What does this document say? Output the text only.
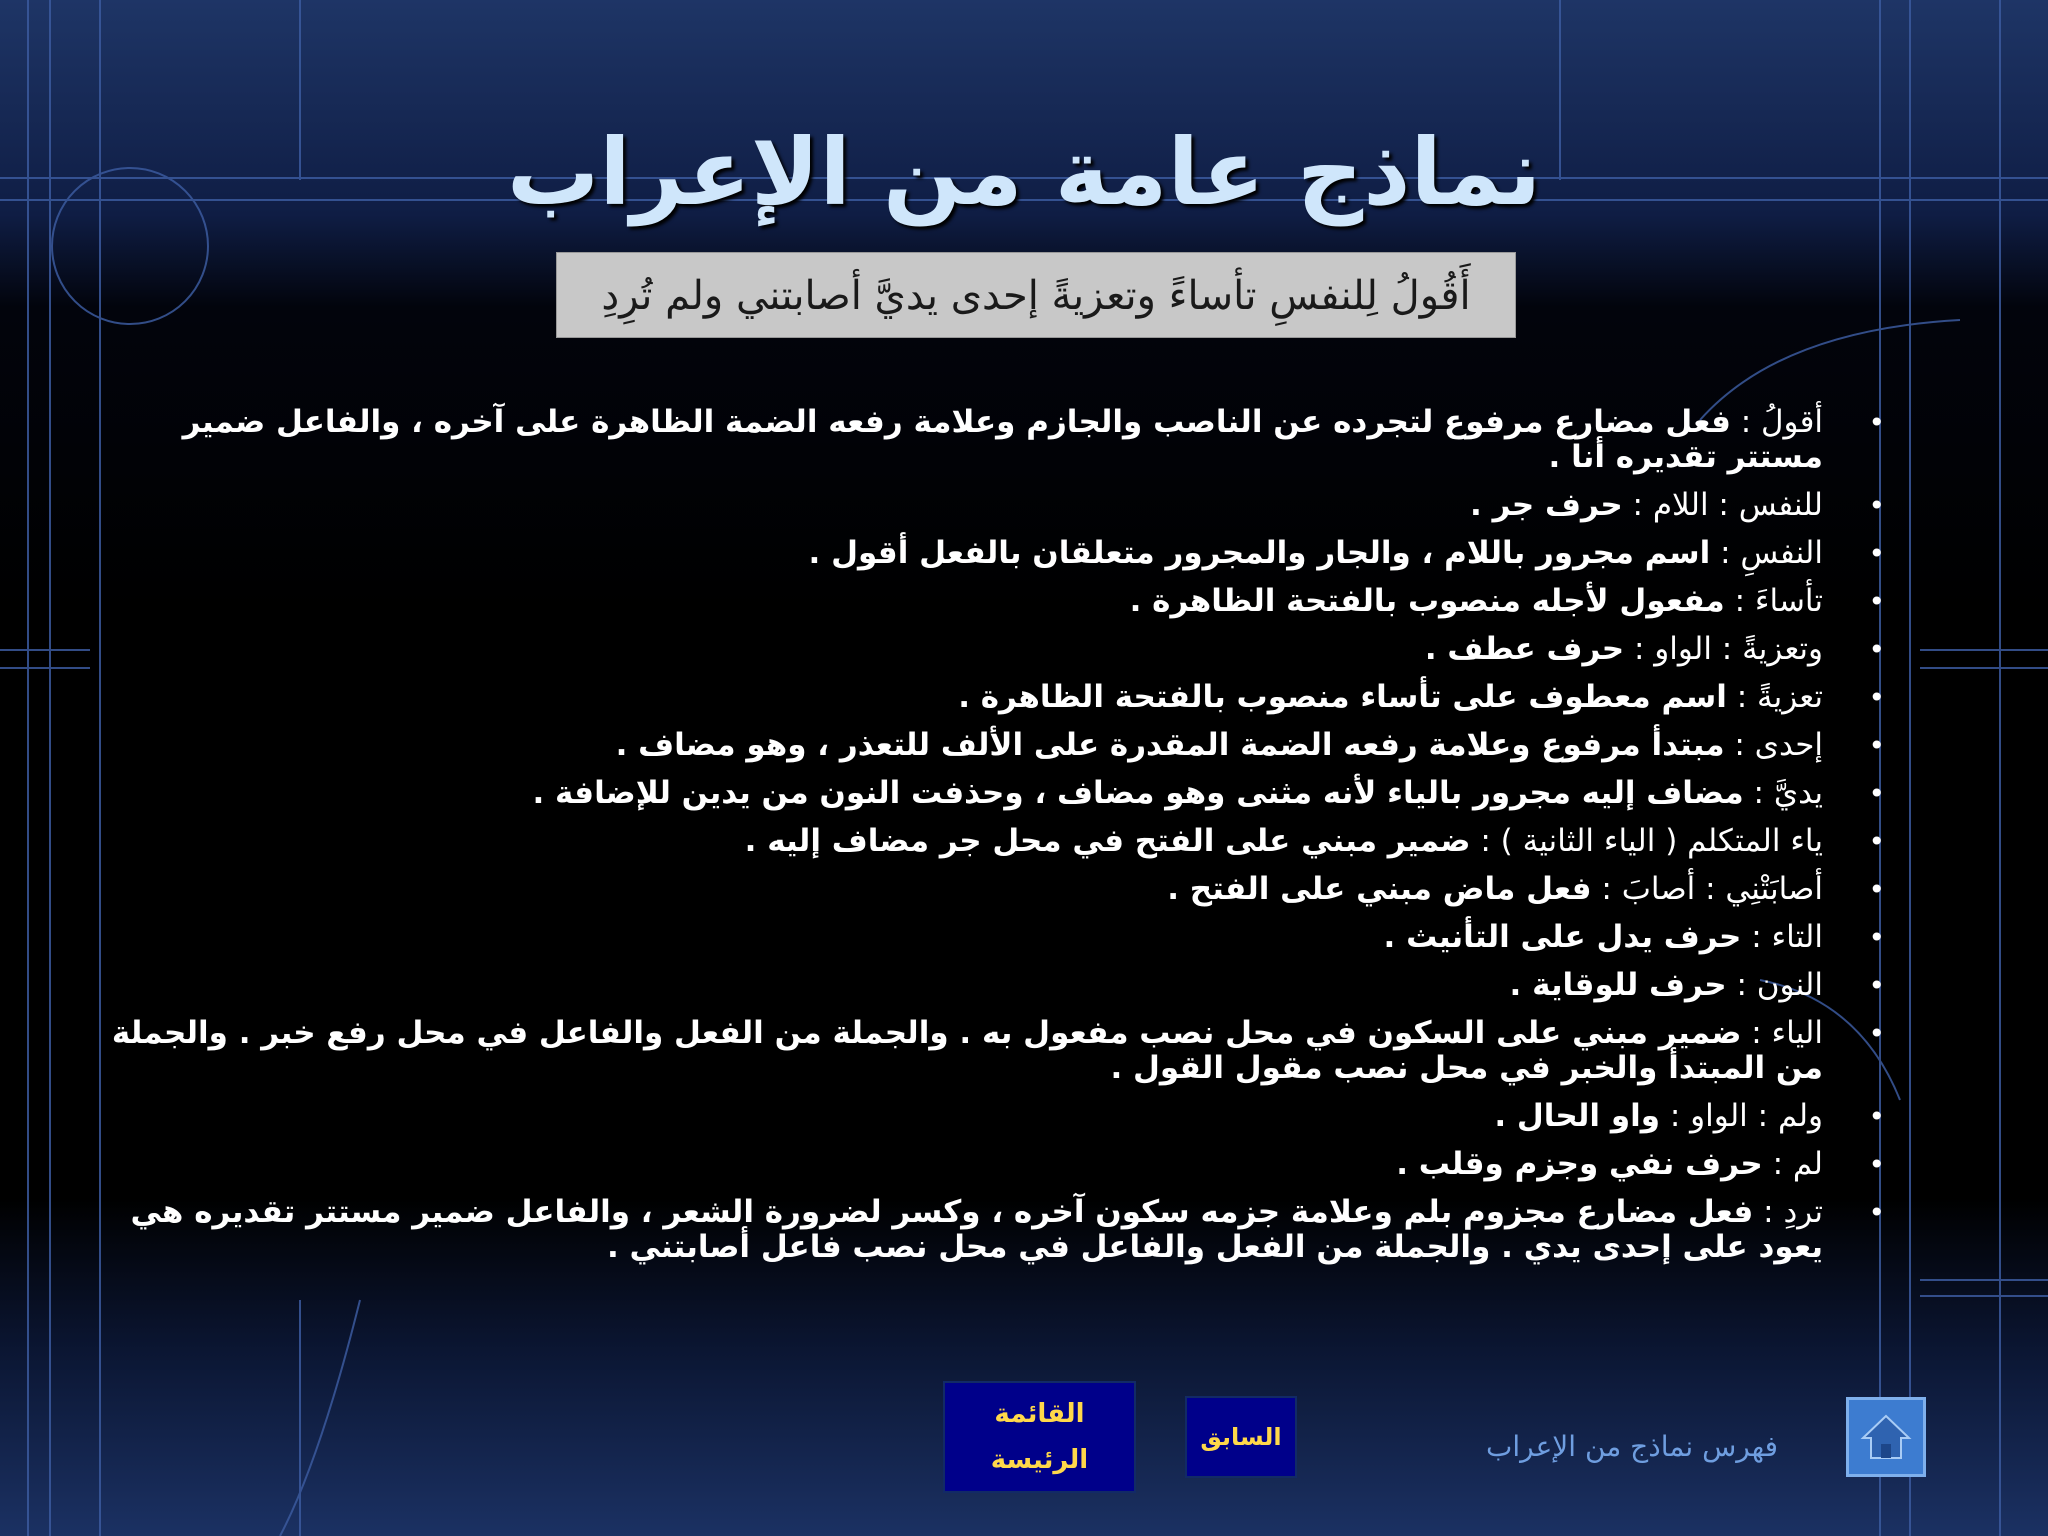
نماذج عامة من الإعراب
أَقُولُ لِلنفسِ تأساءً وتعزيةً إحدى يديَّ أصابتني ولم تُرِدِ
•
أقولُ : فعل مضارع مرفوع لتجرده عن الناصب والجازم وعلامة رفعه الضمة الظاهرة على آخره ، والفاعل ضمير مستتر تقديره أنا .
•
للنفس : اللام : حرف جر .
•
النفسِ : اسم مجرور باللام ، والجار والمجرور متعلقان بالفعل أقول .
•
تأساءَ : مفعول لأجله منصوب بالفتحة الظاهرة .
•
وتعزيةً : الواو : حرف عطف .
•
تعزيةً : اسم معطوف على تأساء منصوب بالفتحة الظاهرة .
•
إحدى : مبتدأ مرفوع وعلامة رفعه الضمة المقدرة على الألف للتعذر ، وهو مضاف .
•
يديَّ : مضاف إليه مجرور بالياء لأنه مثنى وهو مضاف ، وحذفت النون من يدين للإضافة .
•
ياء المتكلم ( الياء الثانية ) : ضمير مبني على الفتح في محل جر مضاف إليه .
•
أصابَتْنِي : أصابَ : فعل ماض مبني على الفتح .
•
التاء : حرف يدل على التأنيث .
•
النون : حرف للوقاية .
•
الياء : ضمير مبني على السكون في محل نصب مفعول به . والجملة من الفعل والفاعل في محل رفع خبر . والجملة من المبتدأ والخبر في محل نصب مقول القول .
•
ولم : الواو : واو الحال .
•
لم : حرف نفي وجزم وقلب .
•
تردِ : فعل مضارع مجزوم بلم وعلامة جزمه سكون آخره ، وكسر لضرورة الشعر ، والفاعل ضمير مستتر تقديره هي يعود على إحدى يدي . والجملة من الفعل والفاعل في محل نصب فاعل أصابتني .
القائمة
الرئيسة
السابق	فهرس نماذج من الإعراب
